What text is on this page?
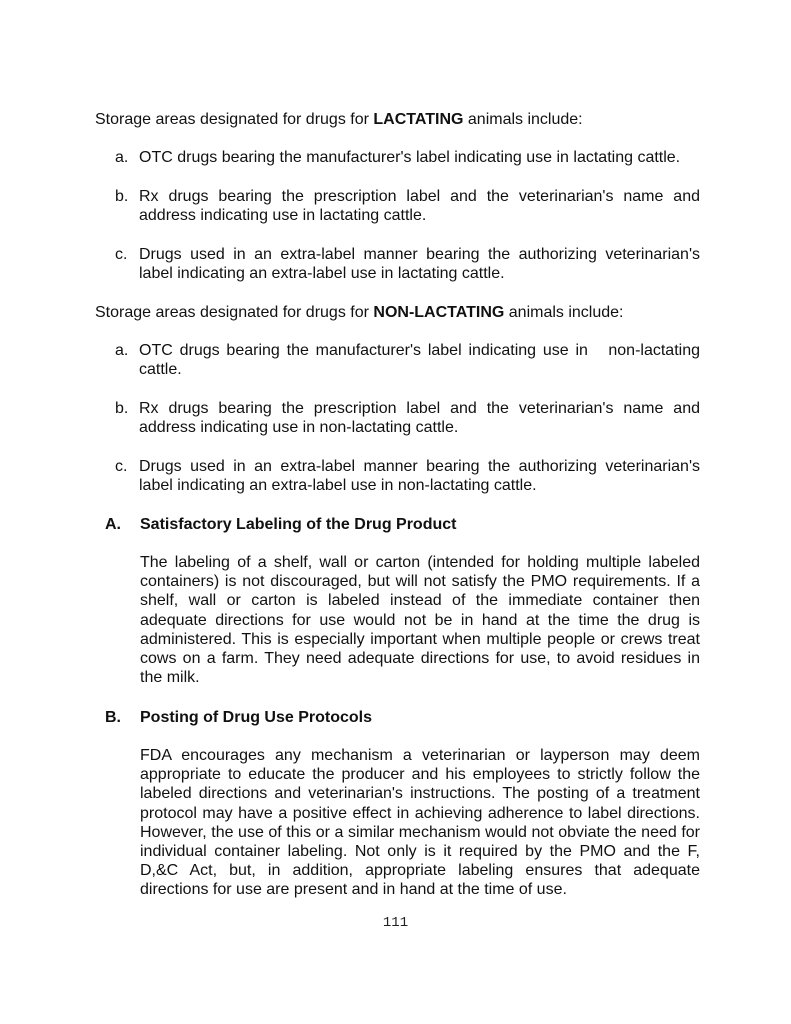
Storage areas designated for drugs for LACTATING animals include:

a. OTC drugs bearing the manufacturer's label indicating use in lactating cattle.
b. Rx drugs bearing the prescription label and the veterinarian's name and address indicating use in lactating cattle.
c. Drugs used in an extra-label manner bearing the authorizing veterinarian's label indicating an extra-label use in lactating cattle.

Storage areas designated for drugs for NON-LACTATING animals include:

a. OTC drugs bearing the manufacturer's label indicating use in   non-lactating cattle.
b. Rx drugs bearing the prescription label and the veterinarian's name and address indicating use in non-lactating cattle.
c. Drugs used in an extra-label manner bearing the authorizing veterinarian's label indicating an extra-label use in non-lactating cattle.
A.	Satisfactory Labeling of the Drug Product
The labeling of a shelf, wall or carton (intended for holding multiple labeled containers) is not discouraged, but will not satisfy the PMO requirements. If a shelf, wall or carton is labeled instead of the immediate container then adequate directions for use would not be in hand at the time the drug is administered. This is especially important when multiple people or crews treat cows on a farm. They need adequate directions for use, to avoid residues in the milk.
B.	Posting of Drug Use Protocols
FDA encourages any mechanism a veterinarian or layperson may deem appropriate to educate the producer and his employees to strictly follow the labeled directions and veterinarian's instructions. The posting of a treatment protocol may have a positive effect in achieving adherence to label directions. However, the use of this or a similar mechanism would not obviate the need for individual container labeling. Not only is it required by the PMO and the F, D,&C Act, but, in addition, appropriate labeling ensures that adequate directions for use are present and in hand at the time of use.
111
